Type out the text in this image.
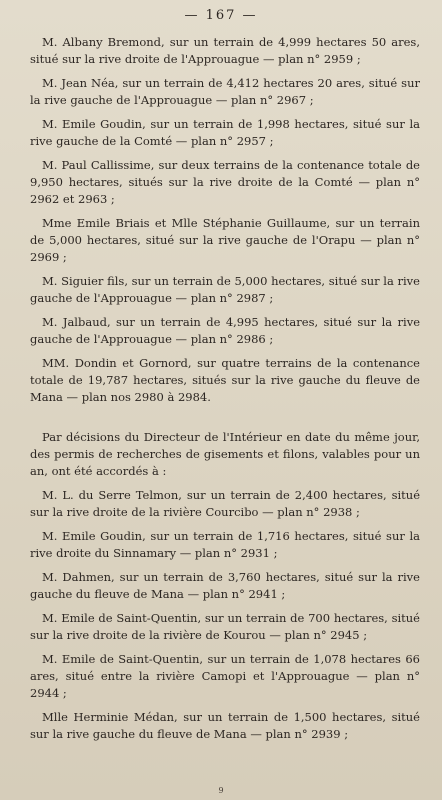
— 167 —

M. Albany Bremond, sur un terrain de 4,999 hectares 50 ares, situé sur la rive droite de l'Approuague — plan n° 2959 ;

M. Jean Néa, sur un terrain de 4,412 hectares 20 ares, situé sur la rive gauche de l'Approuague — plan n° 2967 ;

M. Emile Goudin, sur un terrain de 1,998 hectares, situé sur la rive gauche de la Comté — plan n° 2957 ;

M. Paul Callissime, sur deux terrains de la contenance totale de 9,950 hectares, situés sur la rive droite de la Comté — plan n° 2962 et 2963 ;

Mme Emile Briais et Mlle Stéphanie Guillaume, sur un terrain de 5,000 hectares, situé sur la rive gauche de l'Orapu — plan n° 2969 ;

M. Siguier fils, sur un terrain de 5,000 hectares, situé sur la rive gauche de l'Approuague — plan n° 2987 ;

M. Jalbaud, sur un terrain de 4,995 hectares, situé sur la rive gauche de l'Approuague — plan n° 2986 ;

MM. Dondin et Gornord, sur quatre terrains de la contenance totale de 19,787 hectares, situés sur la rive gauche du fleuve de Mana — plan nos 2980 à 2984.

Par décisions du Directeur de l'Intérieur en date du même jour, des permis de recherches de gisements et filons, valables pour un an, ont été accordés à :

M. L. du Serre Telmon, sur un terrain de 2,400 hectares, situé sur la rive droite de la rivière Courcibo — plan n° 2938 ;

M. Emile Goudin, sur un terrain de 1,716 hectares, situé sur la rive droite du Sinnamary — plan n° 2931 ;

M. Dahmen, sur un terrain de 3,760 hectares, situé sur la rive gauche du fleuve de Mana — plan n° 2941 ;

M. Emile de Saint-Quentin, sur un terrain de 700 hectares, situé sur la rive droite de la rivière de Kourou — plan n° 2945 ;

M. Emile de Saint-Quentin, sur un terrain de 1,078 hectares 66 ares, situé entre la rivière Camopi et l'Approuague — plan n° 2944 ;

Mlle Herminie Médan, sur un terrain de 1,500 hectares, situé sur la rive gauche du fleuve de Mana — plan n° 2939 ;

9
